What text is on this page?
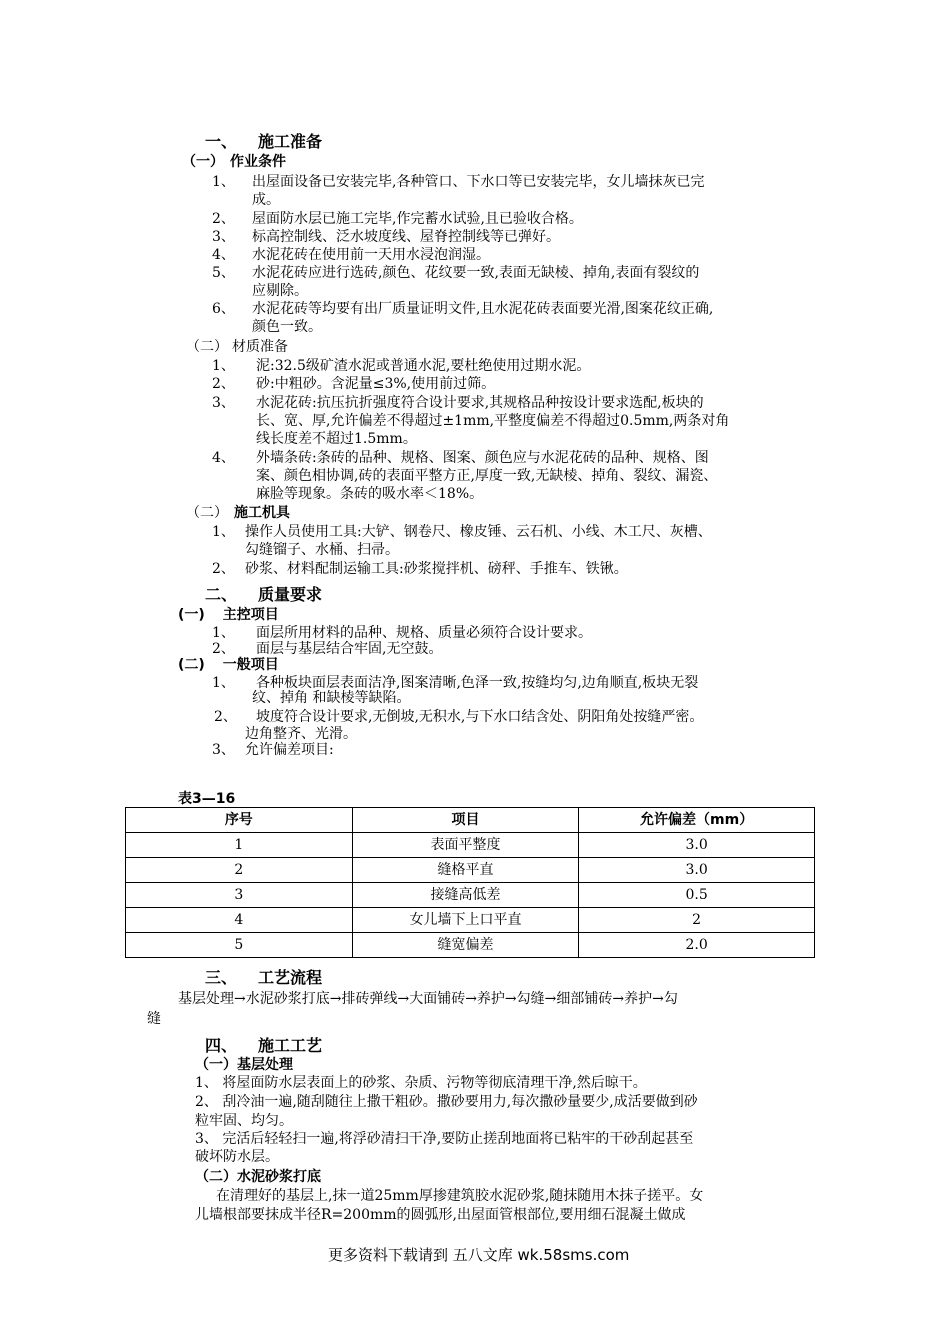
一、 施工准备
（一） 作业条件
1、 出屋面设备已安装完毕,各种管口、下水口等已安装完毕，女儿墙抹灰已完
成。
2、 屋面防水层已施工完毕,作完蓄水试验,且已验收合格。
3、 标高控制线、泛水坡度线、屋脊控制线等已弹好。
4、 水泥花砖在使用前一天用水浸泡润湿。
5、 水泥花砖应进行选砖,颜色、花纹要一致,表面无缺棱、掉角,表面有裂纹的
应剔除。
6、 水泥花砖等均要有出厂质量证明文件,且水泥花砖表面要光滑,图案花纹正确,
颜色一致。
（二） 材质准备
1、 泥:32.5级矿渣水泥或普通水泥,要杜绝使用过期水泥。
2、 砂:中粗砂。含泥量≤3%,使用前过筛。
3、 水泥花砖:抗压抗折强度符合设计要求,其规格品种按设计要求选配,板块的
长、宽、厚,允许偏差不得超过±1mm,平整度偏差不得超过0.5mm,两条对角
线长度差不超过1.5mm。
4、 外墙条砖:条砖的品种、规格、图案、颜色应与水泥花砖的品种、规格、图
案、颜色相协调,砖的表面平整方正,厚度一致,无缺棱、掉角、裂纹、漏瓷、
麻脸等现象。条砖的吸水率＜18%。
（二） 施工机具
1、 操作人员使用工具:大铲、钢卷尺、橡皮锤、云石机、小线、木工尺、灰槽、
勾缝镏子、水桶、扫帚。
2、 砂浆、材料配制运输工具:砂浆搅拌机、磅秤、手推车、铁锹。
二、 质量要求
(一) 主控项目
1、 面层所用材料的品种、规格、质量必须符合设计要求。
2、 面层与基层结合牢固,无空鼓。
(二) 一般项目
1、 各种板块面层表面洁净,图案清晰,色泽一致,按缝均匀,边角顺直,板块无裂
纹、掉角 和缺棱等缺陷。
2、 坡度符合设计要求,无倒坡,无积水,与下水口结含处、阴阳角处按缝严密。
边角整齐、光滑。
3、 允许偏差项目:
表3—16
序号	项目	允许偏差（mm）
1	表面平整度	3.0
2	缝格平直	3.0
3	接缝高低差	0.5
4	女儿墙下上口平直	2
5	缝宽偏差	2.0
三、 工艺流程
基层处理→水泥砂浆打底→排砖弹线→大面铺砖→养护→勾缝→细部铺砖→养护→勾
缝
四、 施工工艺
（一）基层处理
1、 将屋面防水层表面上的砂浆、杂质、污物等彻底清理干净,然后晾干。
2、 刮冷油一遍,随刮随往上撒干粗砂。撒砂要用力,每次撒砂量要少,成活要做到砂
粒牢固、均匀。
3、 完活后轻轻扫一遍,将浮砂清扫干净,要防止搓刮地面将已粘牢的干砂刮起甚至
破坏防水层。
（二）水泥砂浆打底
在清理好的基层上,抹一道25mm厚掺建筑胶水泥砂浆,随抹随用木抹子搓平。女
儿墙根部要抹成半径R=200mm的圆弧形,出屋面管根部位,要用细石混凝土做成
更多资料下载请到 五八文库 wk.58sms.com
